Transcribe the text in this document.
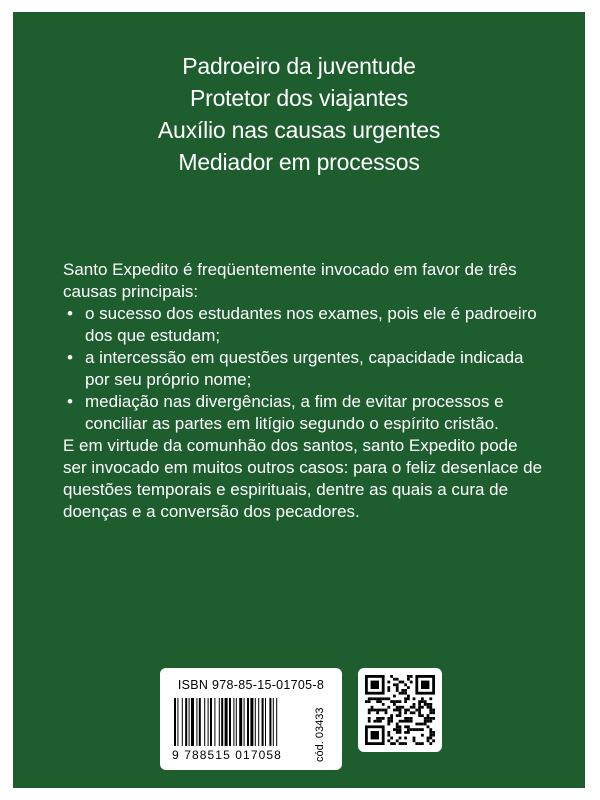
Padroeiro da juventude
Protetor dos viajantes
Auxílio nas causas urgentes
Mediador em processos

Santo Expedito é freqüentemente invocado em favor de três causas principais:

• o sucesso dos estudantes nos exames, pois ele é padroeiro dos que estudam;
• a intercessão em questões urgentes, capacidade indicada por seu próprio nome;
• mediação nas divergências, a fim de evitar processos e conciliar as partes em litígio segundo o espírito cristão.

E em virtude da comunhão dos santos, santo Expedito pode ser invocado em muitos outros casos: para o feliz desenlace de questões temporais e espirituais, dentre as quais a cura de doenças e a conversão dos pecadores.

ISBN 978-85-15-01705-8
9 788515 017058	cód. 03433
